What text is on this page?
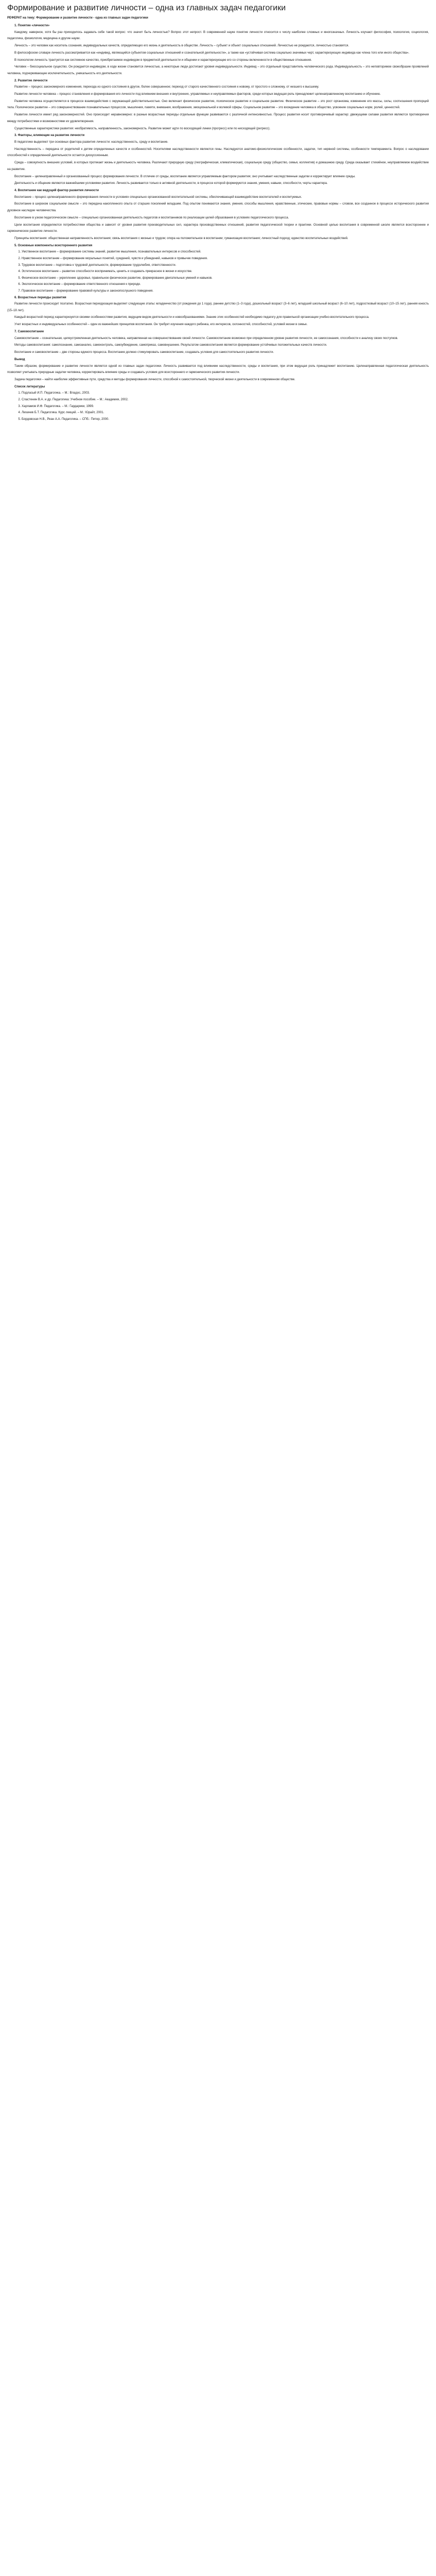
Формирование и развитие личности – одна из главных задач педагогики
РЕФЕРАТ на тему: Формирование и развитие личности - одна из главных задач педагогики
1. Понятие «личности»

Каждому, наверное, хотя бы раз приходилось задавать себе такой вопрос: что значит быть личностью? Вопрос этот непрост. В современной науке понятие личности относится к числу наиболее сложных и многозначных. Личность изучают философия, психология, социология, педагогика, физиология, медицина и другие науки.

Личность – это человек как носитель сознания, индивидуальных качеств, определяющих его жизнь и деятельность в обществе. Личность – субъект и объект социальных отношений. Личностью не рождаются, личностью становятся.

В философском словаре личность рассматривается как «индивид, являющийся субъектом социальных отношений и сознательной деятельности», а также как «устойчивая система социально значимых черт, характеризующих индивида как члена того или иного общества».

В психологии личность трактуется как системное качество, приобретаемое индивидом в предметной деятельности и общении и характеризующее его со стороны включенности в общественные отношения.

Человек – биосоциальное существо. Он рождается индивидом, в ходе жизни становится личностью, а некоторые люди достигают уровня индивидуальности. Индивид – это отдельный представитель человеческого рода. Индивидуальность – это неповторимое своеобразие проявлений человека, подчеркивающее исключительность, уникальность его деятельности.

2. Развитие личности

Развитие – процесс закономерного изменения, перехода из одного состояния в другое, более совершенное; переход от старого качественного состояния к новому, от простого к сложному, от низшего к высшему.

Развитие личности человека – процесс становления и формирования его личности под влиянием внешних и внутренних, управляемых и неуправляемых факторов, среди которых ведущая роль принадлежит целенаправленному воспитанию и обучению.

Развитие человека осуществляется в процессе взаимодействия с окружающей действительностью. Оно включает физическое развитие, психическое развитие и социальное развитие. Физическое развитие – это рост организма, изменение его массы, силы, соотношения пропорций тела. Психическое развитие – это совершенствование познавательных процессов, мышления, памяти, внимания, воображения, эмоциональной и волевой сферы. Социальное развитие – это вхождение человека в общество, усвоение социальных норм, ролей, ценностей.

Развитие личности имеет ряд закономерностей. Оно происходит неравномерно: в разные возрастные периоды отдельные функции развиваются с различной интенсивностью. Процесс развития носит противоречивый характер: движущими силами развития являются противоречия между потребностями и возможностями их удовлетворения.

Существенные характеристики развития: необратимость, направленность, закономерность. Развитие может идти по восходящей линии (прогресс) или по нисходящей (регресс).

3. Факторы, влияющие на развитие личности

В педагогике выделяют три основных фактора развития личности: наследственность, среду и воспитание.

Наследственность – передача от родителей к детям определенных качеств и особенностей. Носителями наследственности являются гены. Наследуются анатомо-физиологические особенности, задатки, тип нервной системы, особенности темперамента. Вопрос о наследовании способностей к определенной деятельности остается дискуссионным.

Среда – совокупность внешних условий, в которых протекает жизнь и деятельность человека. Различают природную среду (географическая, климатическая), социальную среду (общество, семья, коллектив) и домашнюю среду. Среда оказывает стихийное, неуправляемое воздействие на развитие.

Воспитание – целенаправленный и организованный процесс формирования личности. В отличие от среды, воспитание является управляемым фактором развития; оно учитывает наследственные задатки и корректирует влияние среды.

Деятельность и общение являются важнейшими условиями развития. Личность развивается только в активной деятельности, в процессе которой формируются знания, умения, навыки, способности, черты характера.

4. Воспитание как ведущий фактор развития личности

Воспитание – процесс целенаправленного формирования личности в условиях специально организованной воспитательной системы, обеспечивающей взаимодействие воспитателей и воспитуемых.

Воспитание в широком социальном смысле – это передача накопленного опыта от старших поколений младшим. Под опытом понимаются знания, умения, способы мышления, нравственные, этические, правовые нормы – словом, все созданное в процессе исторического развития духовное наследие человечества.

Воспитание в узком педагогическом смысле – специально организованная деятельность педагогов и воспитанников по реализации целей образования в условиях педагогического процесса.

Цели воспитания определяются потребностями общества и зависят от уровня развития производительных сил, характера производственных отношений, развития педагогической теории и практики. Основной целью воспитания в современной школе является всестороннее и гармоническое развитие личности.

Принципы воспитания: общественная направленность воспитания; связь воспитания с жизнью и трудом; опора на положительное в воспитании; гуманизация воспитания; личностный подход; единство воспитательных воздействий.

5. Основные компоненты всестороннего развития
1. Умственное воспитание – формирование системы знаний, развитие мышления, познавательных интересов и способностей.
2. Нравственное воспитание – формирование моральных понятий, суждений, чувств и убеждений, навыков и привычек поведения.
3. Трудовое воспитание – подготовка к трудовой деятельности, формирование трудолюбия, ответственности.
4. Эстетическое воспитание – развитие способности воспринимать, ценить и создавать прекрасное в жизни и искусстве.
5. Физическое воспитание – укрепление здоровья, правильное физическое развитие, формирование двигательных умений и навыков.
6. Экологическое воспитание – формирование ответственного отношения к природе.
7. Правовое воспитание – формирование правовой культуры и законопослушного поведения.
6. Возрастные периоды развития

Развитие личности происходит поэтапно. Возрастная периодизация выделяет следующие этапы: младенчество (от рождения до 1 года), раннее детство (1–3 года), дошкольный возраст (3–6 лет), младший школьный возраст (6–10 лет), подростковый возраст (10–15 лет), ранняя юность (15–18 лет).

Каждый возрастной период характеризуется своими особенностями развития, ведущим видом деятельности и новообразованиями. Знание этих особенностей необходимо педагогу для правильной организации учебно-воспитательного процесса.

Учет возрастных и индивидуальных особенностей – один из важнейших принципов воспитания. Он требует изучения каждого ребенка, его интересов, склонностей, способностей, условий жизни в семье.

7. Самовоспитание

Самовоспитание – сознательная, целеустремленная деятельность человека, направленная на совершенствование своей личности. Самовоспитание возможно при определенном уровне развития личности, ее самосознания, способности к анализу своих поступков.

Методы самовоспитания: самопознание, самоанализ, самоконтроль, самоубеждение, самоприказ, самовнушение. Результатом самовоспитания является формирование устойчивых положительных качеств личности.

Воспитание и самовоспитание – две стороны единого процесса. Воспитание должно стимулировать самовоспитание, создавать условия для самостоятельного развития личности.

Вывод

Таким образом, формирование и развитие личности является одной из главных задач педагогики. Личность развивается под влиянием наследственности, среды и воспитания, при этом ведущая роль принадлежит воспитанию. Целенаправленная педагогическая деятельность позволяет учитывать природные задатки человека, корректировать влияние среды и создавать условия для всестороннего и гармонического развития личности.

Задача педагогики – найти наиболее эффективные пути, средства и методы формирования личности, способной к самостоятельной, творческой жизни и деятельности в современном обществе.

Список литературы
1. Подласый И.П. Педагогика. – М.: Владос, 2003.
2. Сластенин В.А. и др. Педагогика: Учебное пособие. – М.: Академия, 2002.
3. Харламов И.Ф. Педагогика. – М.: Гардарики, 1999.
4. Лихачев Б.Т. Педагогика. Курс лекций. – М.: Юрайт, 2001.
5. Бордовская Н.В., Реан А.А. Педагогика. – СПб.: Питер, 2000.
